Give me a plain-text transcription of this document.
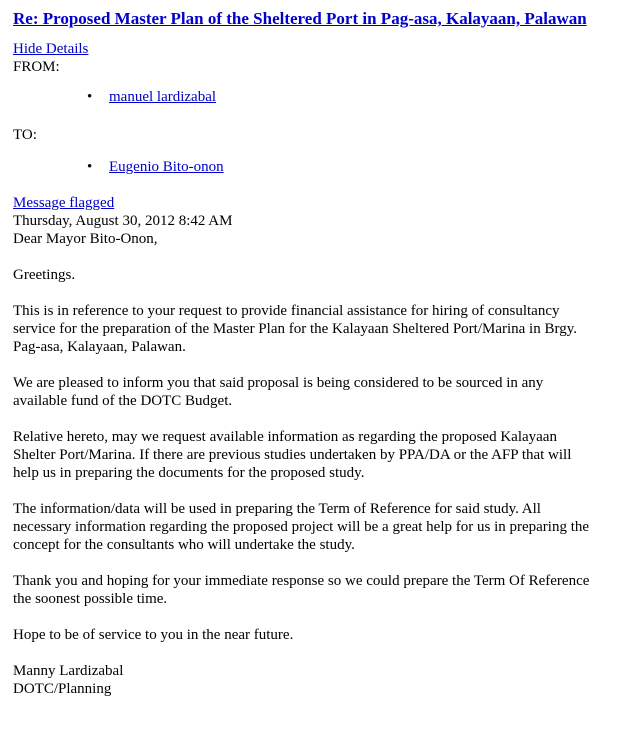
Re: Proposed Master Plan of the Sheltered Port in Pag-asa, Kalayaan, Palawan
Hide Details
FROM:
• manuel lardizabal
TO:
• Eugenio Bito-onon
Message flagged
Thursday, August 30, 2012 8:42 AM
Dear Mayor Bito-Onon,
Greetings.
This is in reference to your request to provide financial assistance for hiring of consultancy
service for the preparation of the Master Plan for the Kalayaan Sheltered Port/Marina in Brgy.
Pag-asa, Kalayaan, Palawan.
We are pleased to inform you that said proposal is being considered to be sourced in any
available fund of the DOTC Budget.
Relative hereto, may we request available information as regarding the proposed Kalayaan
Shelter Port/Marina. If there are previous studies undertaken by PPA/DA or the AFP that will
help us in preparing the documents for the proposed study.
The information/data will be used in preparing the Term of Reference for said study. All
necessary information regarding the proposed project will be a great help for us in preparing the
concept for the consultants who will undertake the study.
Thank you and hoping for your immediate response so we could prepare the Term Of Reference
the soonest possible time.
Hope to be of service to you in the near future.
Manny Lardizabal
DOTC/Planning
